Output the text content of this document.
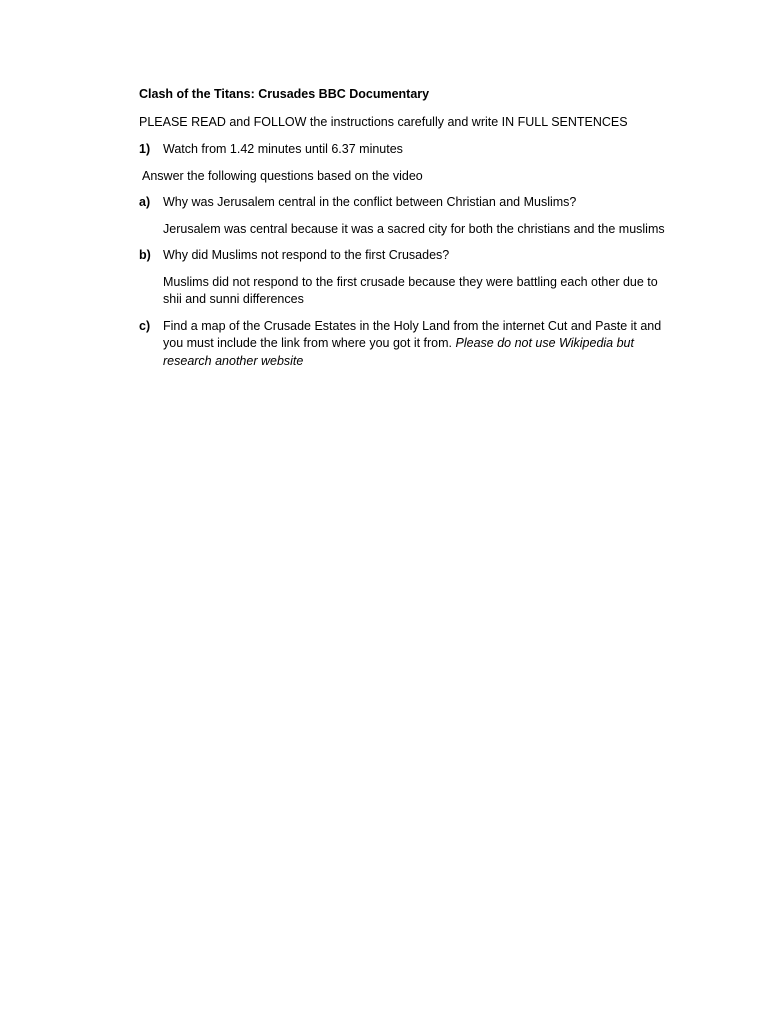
Clash of the Titans: Crusades BBC Documentary
PLEASE READ and FOLLOW the instructions carefully and write IN FULL SENTENCES
1)	Watch from 1.42 minutes until 6.37 minutes
Answer the following questions based on the video
a)	Why was Jerusalem central in the conflict between Christian and Muslims?
Jerusalem was central because it was a sacred city for both the christians and the muslims
b) Why did Muslims not respond to the first Crusades?
Muslims did not respond to the first crusade because they were battling each other due to shii and sunni differences
c)	Find a map of the Crusade Estates in the Holy Land from the internet Cut and Paste it and you must include the link from where you got it from. Please do not use Wikipedia but research another website
